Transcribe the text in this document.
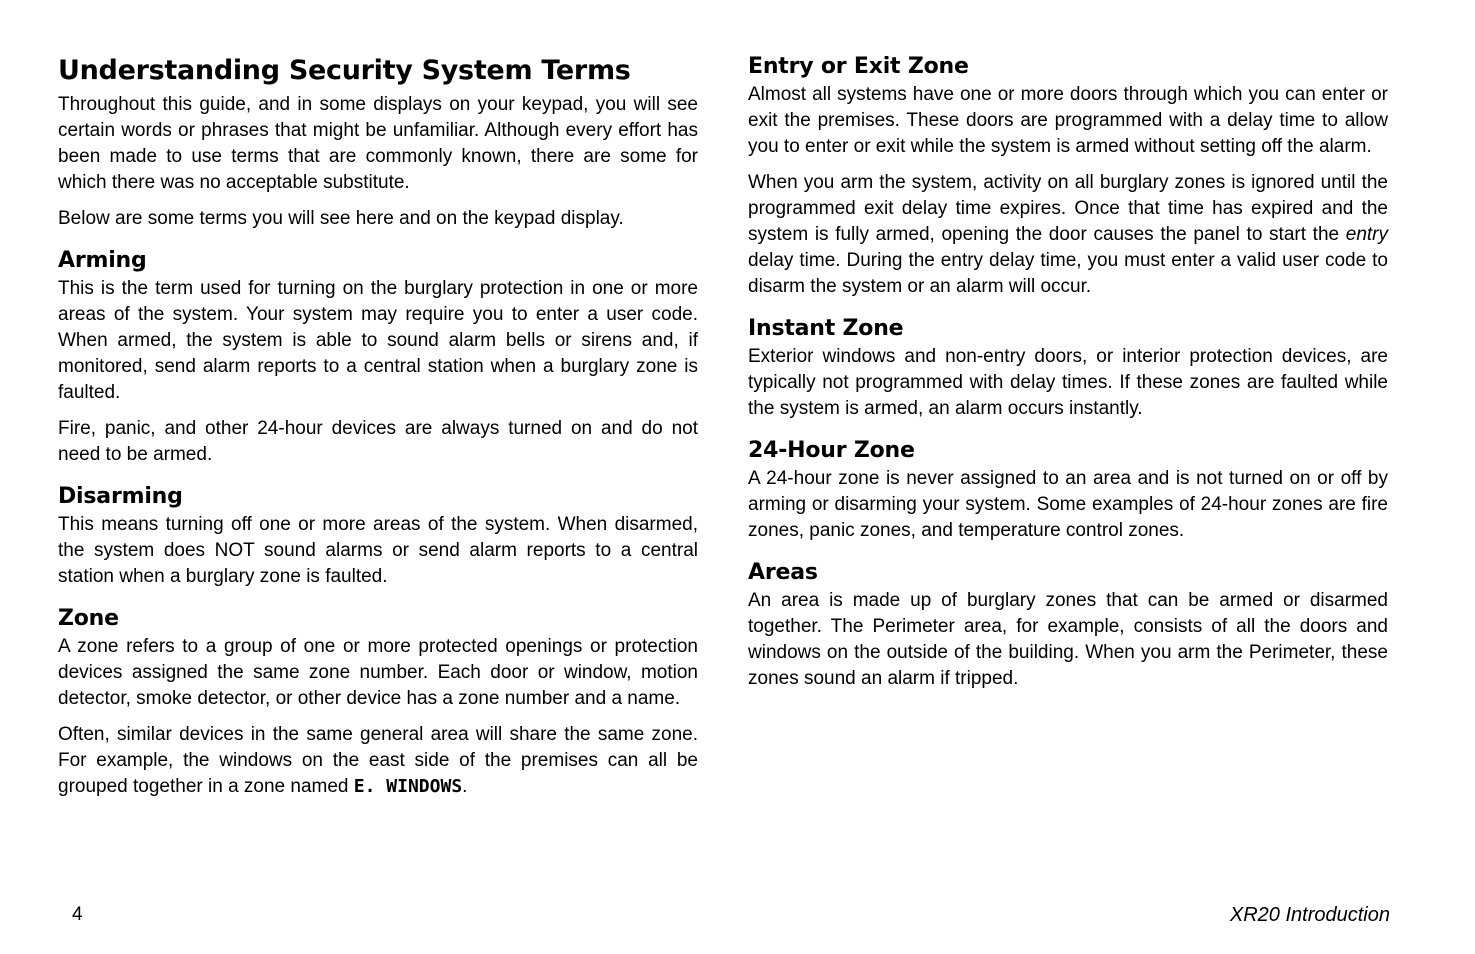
Understanding Security System Terms

Throughout this guide, and in some displays on your keypad, you will see certain words or phrases that might be unfamiliar. Although every effort has been made to use terms that are commonly known, there are some for which there was no acceptable substitute.

Below are some terms you will see here and on the keypad display.

Arming

This is the term used for turning on the burglary protection in one or more areas of the system. Your system may require you to enter a user code. When armed, the system is able to sound alarm bells or sirens and, if monitored, send alarm reports to a central station when a burglary zone is faulted.

Fire, panic, and other 24-hour devices are always turned on and do not need to be armed.

Disarming

This means turning off one or more areas of the system. When disarmed, the system does NOT sound alarms or send alarm reports to a central station when a burglary zone is faulted.

Zone

A zone refers to a group of one or more protected openings or protection devices assigned the same zone number. Each door or window, motion detector, smoke detector, or other device has a zone number and a name.

Often, similar devices in the same general area will share the same zone. For example, the windows on the east side of the premises can all be grouped together in a zone named E. WINDOWS.

Entry or Exit Zone

Almost all systems have one or more doors through which you can enter or exit the premises. These doors are programmed with a delay time to allow you to enter or exit while the system is armed without setting off the alarm.

When you arm the system, activity on all burglary zones is ignored until the programmed exit delay time expires. Once that time has expired and the system is fully armed, opening the door causes the panel to start the entry delay time. During the entry delay time, you must enter a valid user code to disarm the system or an alarm will occur.

Instant Zone

Exterior windows and non-entry doors, or interior protection devices, are typically not programmed with delay times. If these zones are faulted while the system is armed, an alarm occurs instantly.

24-Hour Zone

A 24-hour zone is never assigned to an area and is not turned on or off by arming or disarming your system. Some examples of 24-hour zones are fire zones, panic zones, and temperature control zones.

Areas

An area is made up of burglary zones that can be armed or disarmed together. The Perimeter area, for example, consists of all the doors and windows on the outside of the building. When you arm the Perimeter, these zones sound an alarm if tripped.

4	XR20 Introduction
